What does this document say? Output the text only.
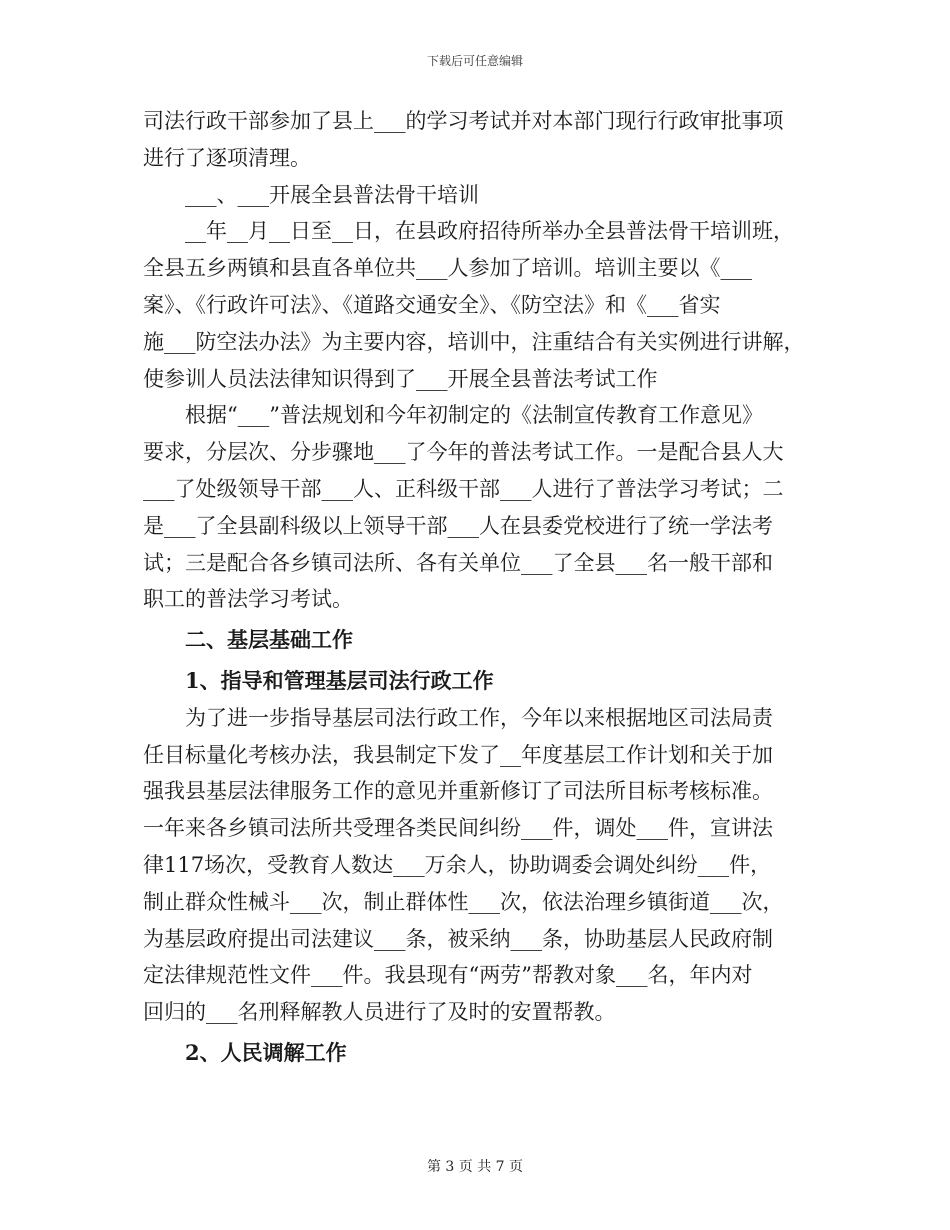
下载后可任意编辑
司法行政干部参加了县上___的学习考试并对本部门现行行政审批事项
进行了逐项清理。
___、___开展全县普法骨干培训
__年__月__日至__日，在县政府招待所举办全县普法骨干培训班，
全县五乡两镇和县直各单位共___人参加了培训。培训主要以《___
案》、《行政许可法》、《道路交通安全》、《防空法》和《___省实
施___防空法办法》为主要内容，培训中，注重结合有关实例进行讲解，
使参训人员法法律知识得到了___开展全县普法考试工作
根据“___”普法规划和今年初制定的《法制宣传教育工作意见》
要求，分层次、分步骤地___了今年的普法考试工作。一是配合县人大
___了处级领导干部___人、正科级干部___人进行了普法学习考试；二
是___了全县副科级以上领导干部___人在县委党校进行了统一学法考
试；三是配合各乡镇司法所、各有关单位___了全县___名一般干部和
职工的普法学习考试。
二、基层基础工作
1、指导和管理基层司法行政工作
为了进一步指导基层司法行政工作，今年以来根据地区司法局责
任目标量化考核办法，我县制定下发了__年度基层工作计划和关于加
强我县基层法律服务工作的意见并重新修订了司法所目标考核标准。
一年来各乡镇司法所共受理各类民间纠纷___件，调处___件，宣讲法
律117场次，受教育人数达___万余人，协助调委会调处纠纷___件，
制止群众性械斗___次，制止群体性___次，依法治理乡镇街道___次，
为基层政府提出司法建议___条，被采纳___条，协助基层人民政府制
定法律规范性文件___件。我县现有“两劳”帮教对象___名，年内对
回归的___名刑释解教人员进行了及时的安置帮教。
2、人民调解工作
第 3 页 共 7 页
